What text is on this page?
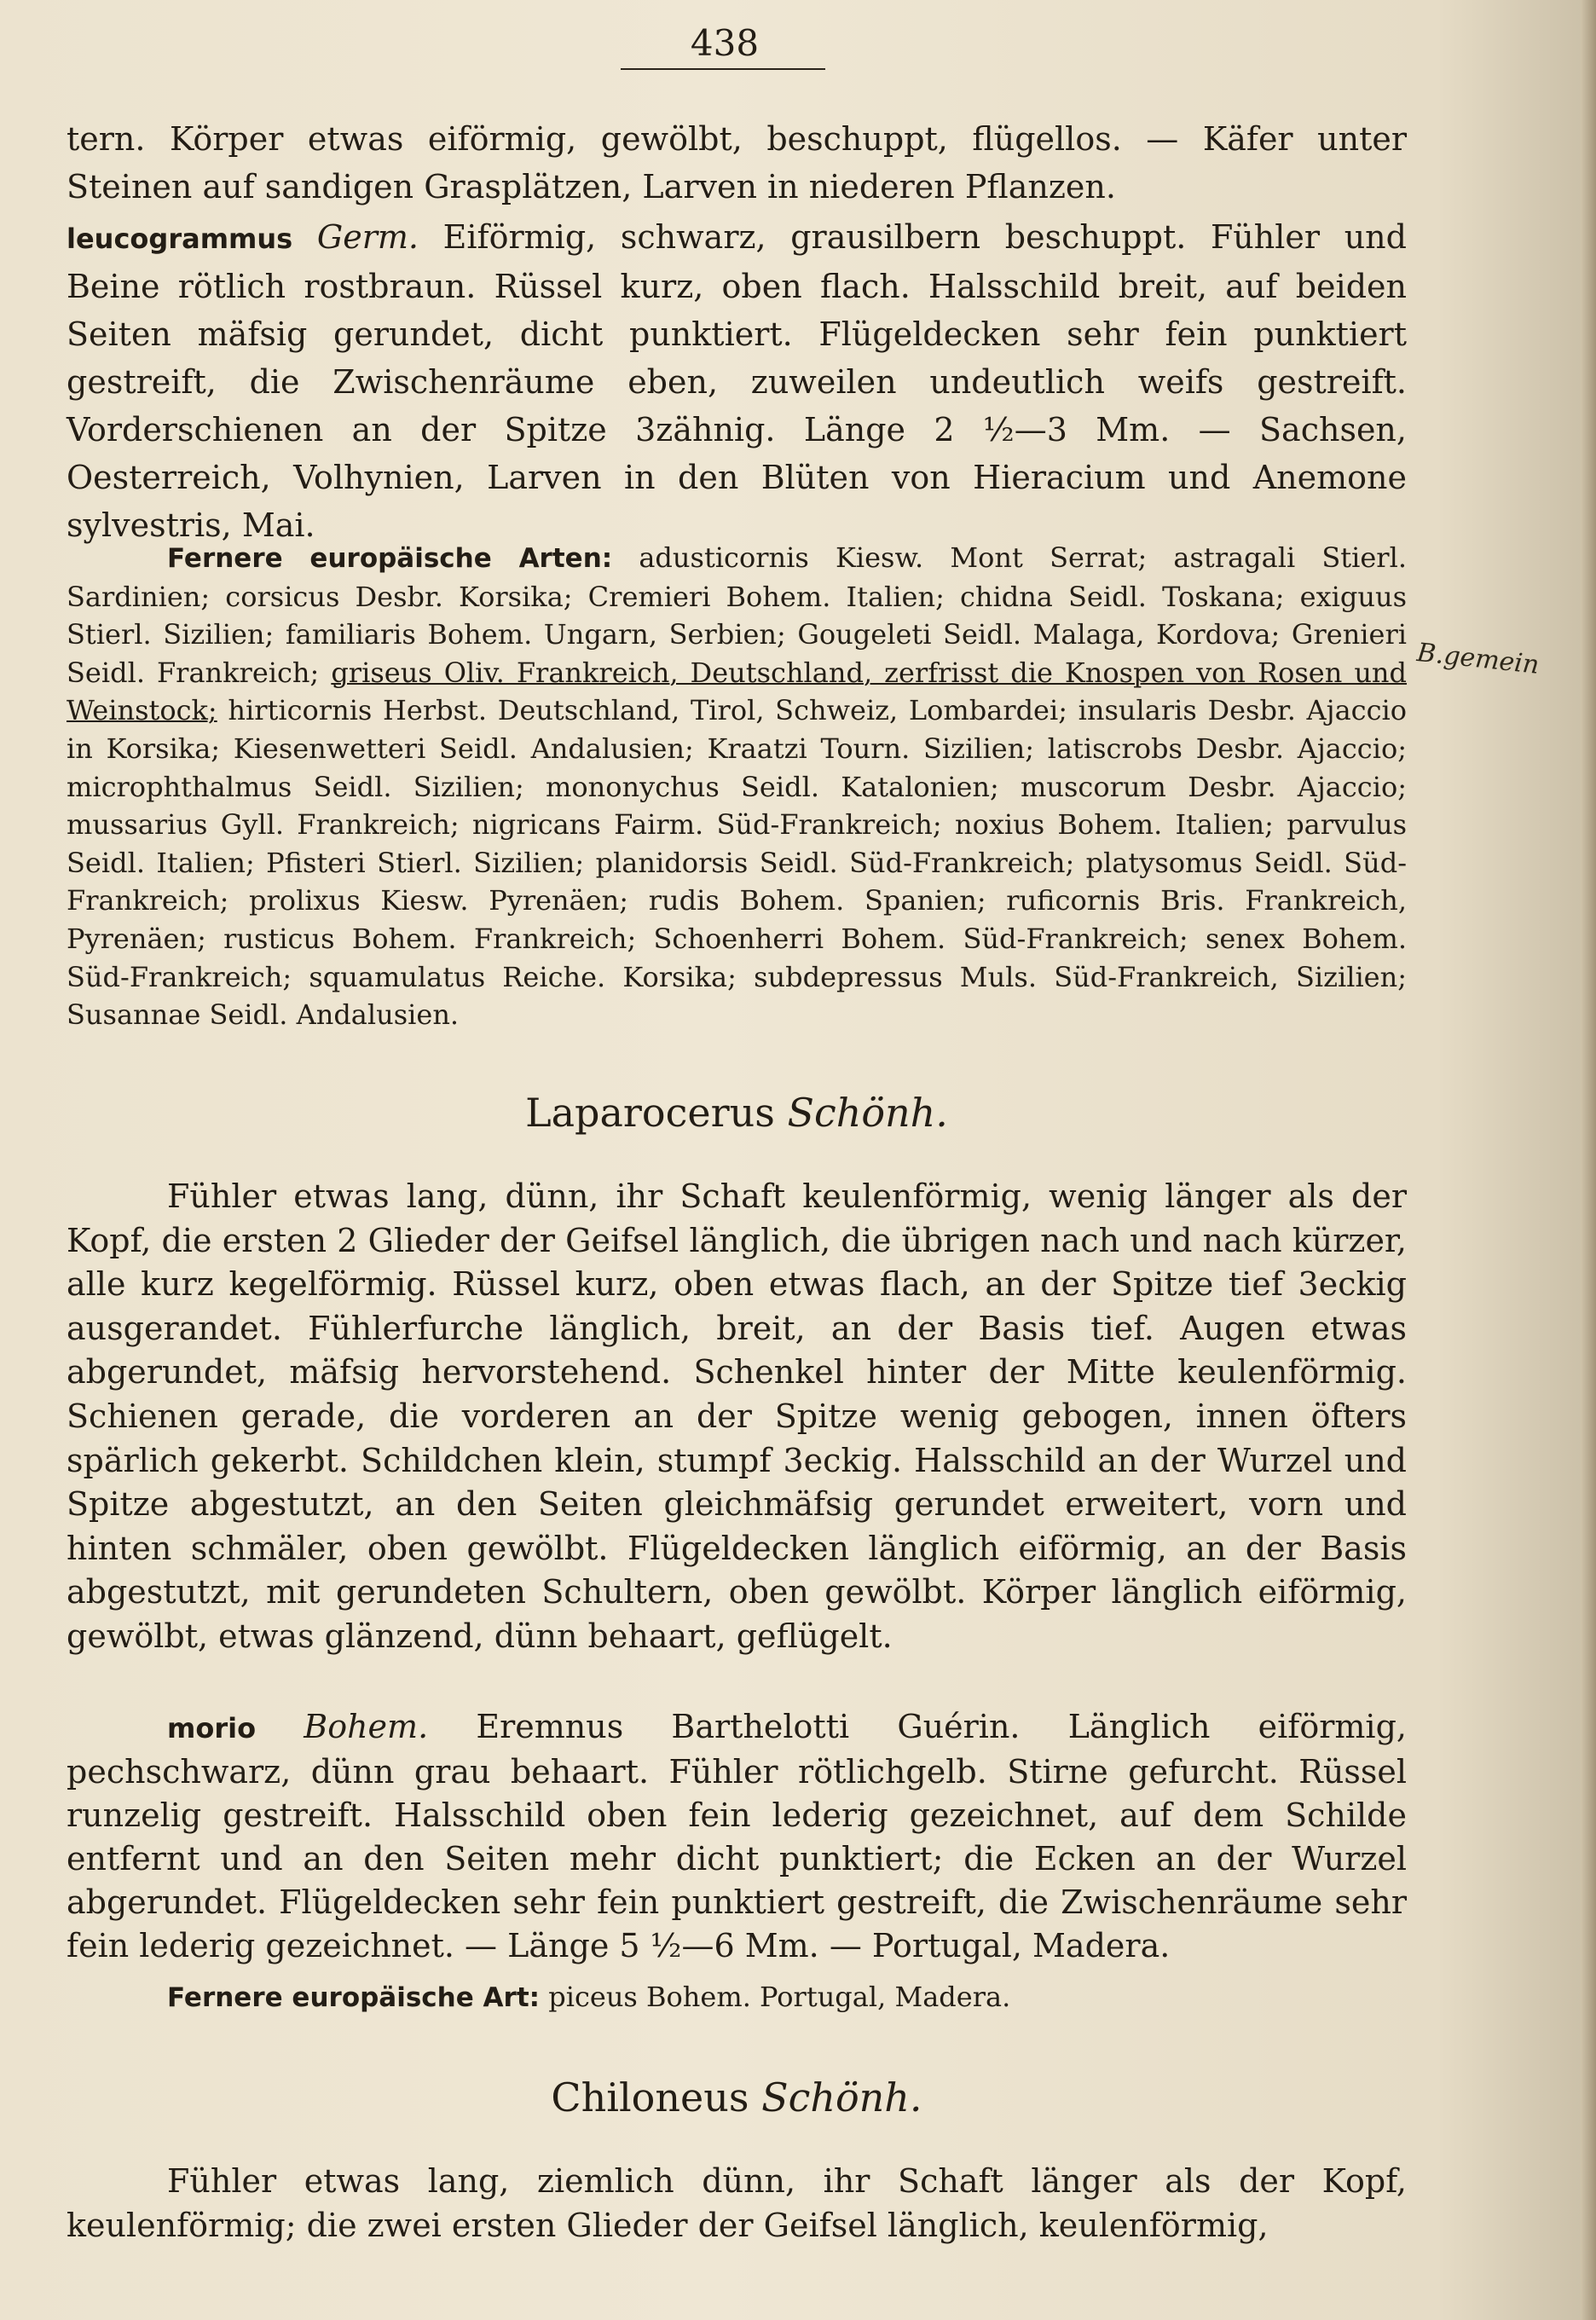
438

tern. Körper etwas eiförmig, gewölbt, beschuppt, flügellos. — Käfer unter Steinen auf sandigen Grasplätzen, Larven in niederen Pflanzen.

leucogrammus Germ. Eiförmig, schwarz, grausilbern beschuppt. Fühler und Beine rötlich rostbraun. Rüssel kurz, oben flach. Halsschild breit, auf beiden Seiten mäfsig gerundet, dicht punktiert. Flügeldecken sehr fein punktiert gestreift, die Zwischenräume eben, zuweilen undeutlich weifs gestreift. Vorderschienen an der Spitze 3zähnig. Länge 2 ½—3 Mm. — Sachsen, Oesterreich, Volhynien, Larven in den Blüten von Hieracium und Anemone sylvestris, Mai.

Fernere europäische Arten: adusticornis Kiesw. Mont Serrat; astragali Stierl. Sardinien; corsicus Desbr. Korsika; Cremieri Bohem. Italien; chidna Seidl. Toskana; exiguus Stierl. Sizilien; familiaris Bohem. Ungarn, Serbien; Gougeleti Seidl. Malaga, Kordova; Grenieri Seidl. Frankreich; griseus Oliv. Frankreich, Deutschland, zerfrisst die Knospen von Rosen und Weinstock; hirticornis Herbst. Deutschland, Tirol, Schweiz, Lombardei; insularis Desbr. Ajaccio in Korsika; Kiesenwetteri Seidl. Andalusien; Kraatzi Tourn. Sizilien; latiscrobs Desbr. Ajaccio; microphthalmus Seidl. Sizilien; mononychus Seidl. Katalonien; muscorum Desbr. Ajaccio; mussarius Gyll. Frankreich; nigricans Fairm. Süd-Frankreich; noxius Bohem. Italien; parvulus Seidl. Italien; Pfisteri Stierl. Sizilien; planidorsis Seidl. Süd-Frankreich; platysomus Seidl. Süd-Frankreich; prolixus Kiesw. Pyrenäen; rudis Bohem. Spanien; ruficornis Bris. Frankreich, Pyrenäen; rusticus Bohem. Frankreich; Schoenherri Bohem. Süd-Frankreich; senex Bohem. Süd-Frankreich; squamulatus Reiche. Korsika; subdepressus Muls. Süd-Frankreich, Sizilien; Susannae Seidl. Andalusien.

B.gemein
Laparocerus Schönh.

Fühler etwas lang, dünn, ihr Schaft keulenförmig, wenig länger als der Kopf, die ersten 2 Glieder der Geifsel länglich, die übrigen nach und nach kürzer, alle kurz kegelförmig. Rüssel kurz, oben etwas flach, an der Spitze tief 3eckig ausgerandet. Fühlerfurche länglich, breit, an der Basis tief. Augen etwas abgerundet, mäfsig hervorstehend. Schenkel hinter der Mitte keulenförmig. Schienen gerade, die vorderen an der Spitze wenig gebogen, innen öfters spärlich gekerbt. Schildchen klein, stumpf 3eckig. Halsschild an der Wurzel und Spitze abgestutzt, an den Seiten gleichmäfsig gerundet erweitert, vorn und hinten schmäler, oben gewölbt. Flügeldecken länglich eiförmig, an der Basis abgestutzt, mit gerundeten Schultern, oben gewölbt. Körper länglich eiförmig, gewölbt, etwas glänzend, dünn behaart, geflügelt.

morio Bohem. Eremnus Barthelotti Guérin. Länglich eiförmig, pechschwarz, dünn grau behaart. Fühler rötlichgelb. Stirne gefurcht. Rüssel runzelig gestreift. Halsschild oben fein lederig gezeichnet, auf dem Schilde entfernt und an den Seiten mehr dicht punktiert; die Ecken an der Wurzel abgerundet. Flügeldecken sehr fein punktiert gestreift, die Zwischenräume sehr fein lederig gezeichnet. — Länge 5 ½—6 Mm. — Portugal, Madera.

Fernere europäische Art: piceus Bohem. Portugal, Madera.

Chiloneus Schönh.

Fühler etwas lang, ziemlich dünn, ihr Schaft länger als der Kopf, keulenförmig; die zwei ersten Glieder der Geifsel länglich, keulenförmig,
